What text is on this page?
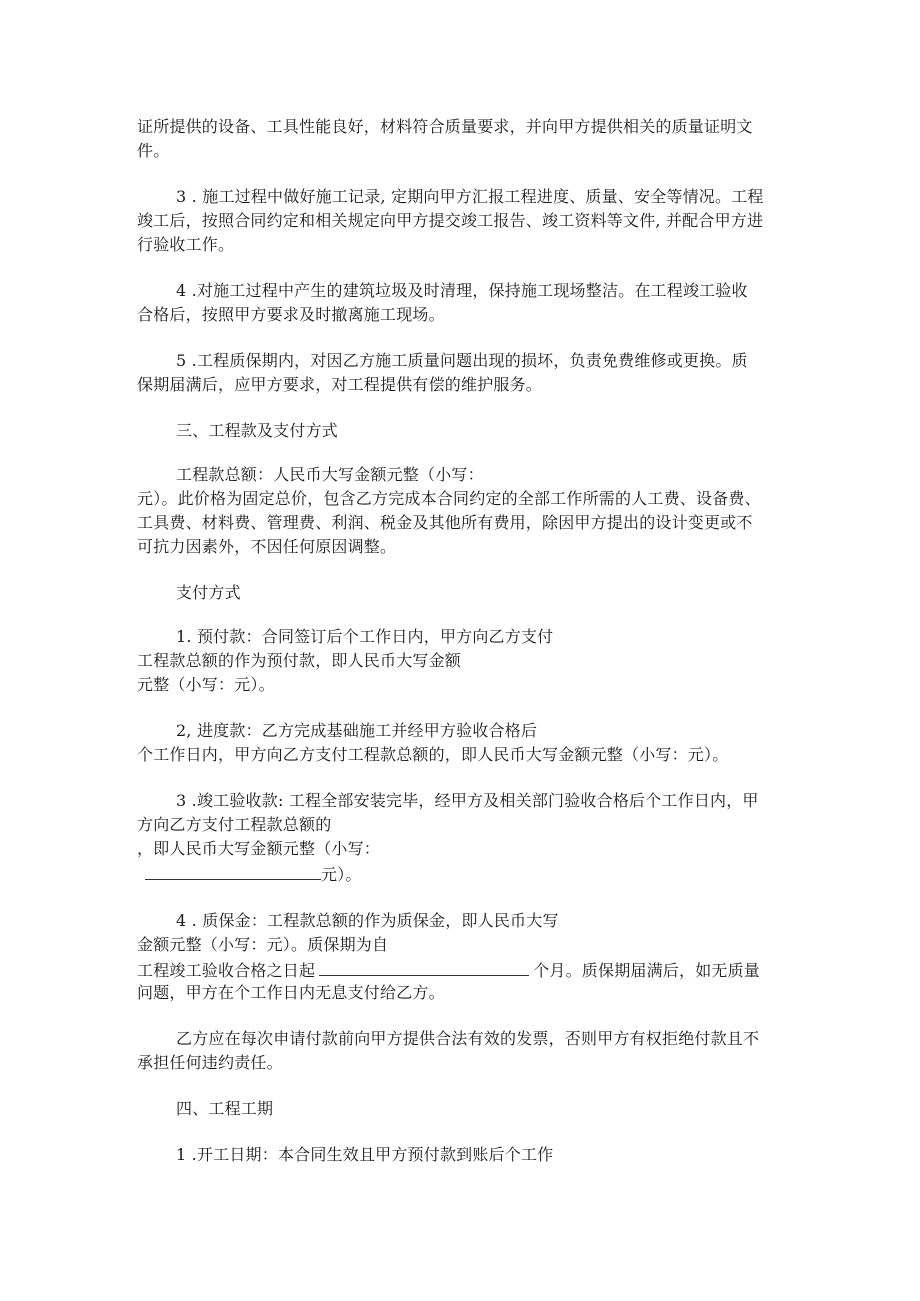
证所提供的设备、工具性能良好，材料符合质量要求，并向甲方提供相关的质量证明文
件。
3 . 施工过程中做好施工记录, 定期向甲方汇报工程进度、质量、安全等情况。工程
竣工后，按照合同约定和相关规定向甲方提交竣工报告、竣工资料等文件, 并配合甲方进
行验收工作。
4 .对施工过程中产生的建筑垃圾及时清理，保持施工现场整洁。在工程竣工验收
合格后，按照甲方要求及时撤离施工现场。
5 .工程质保期内，对因乙方施工质量问题出现的损坏，负责免费维修或更换。质
保期届满后，应甲方要求，对工程提供有偿的维护服务。
三、工程款及支付方式
工程款总额：人民币大写金额元整（小写：
元）。此价格为固定总价，包含乙方完成本合同约定的全部工作所需的人工费、设备费、
工具费、材料费、管理费、利润、税金及其他所有费用，除因甲方提出的设计变更或不
可抗力因素外，不因任何原因调整。
支付方式
1. 预付款：合同签订后个工作日内，甲方向乙方支付
工程款总额的作为预付款，即人民币大写金额
元整（小写：元）。
2, 进度款：乙方完成基础施工并经甲方验收合格后
个工作日内，甲方向乙方支付工程款总额的，即人民币大写金额元整（小写：元）。
3 .竣工验收款: 工程全部安装完毕，经甲方及相关部门验收合格后个工作日内，甲
方向乙方支付工程款总额的
，即人民币大写金额元整（小写：
元）。
4 . 质保金：工程款总额的作为质保金，即人民币大写
金额元整（小写：元）。质保期为自
工程竣工验收合格之日起	个月。质保期届满后，如无质量
问题，甲方在个工作日内无息支付给乙方。
乙方应在每次申请付款前向甲方提供合法有效的发票，否则甲方有权拒绝付款且不
承担任何违约责任。
四、工程工期
1 .开工日期：本合同生效且甲方预付款到账后个工作
